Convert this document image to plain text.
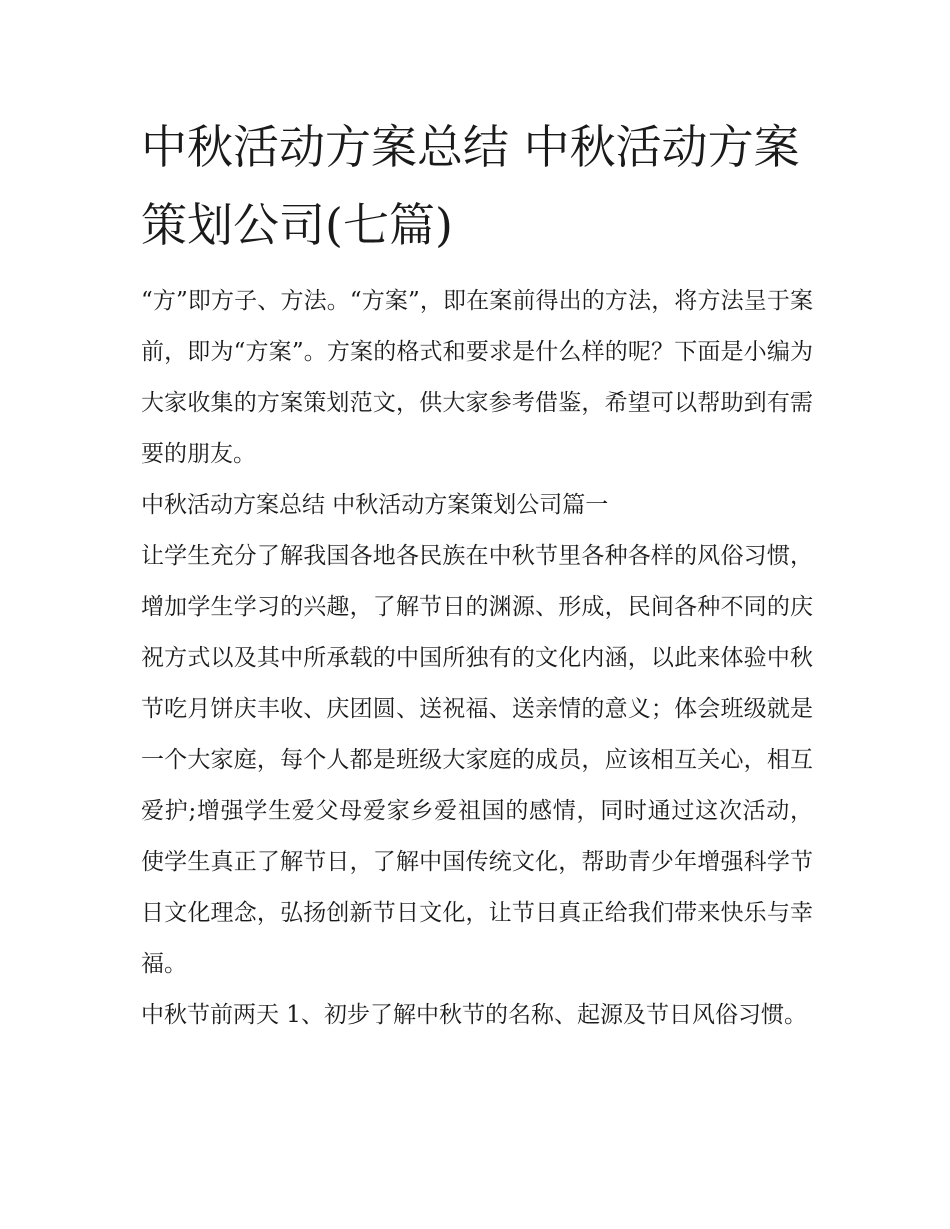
中秋活动方案总结 中秋活动方案策划公司(七篇)

“方”即方子、方法。“方案”，即在案前得出的方法，将方法呈于案前，即为“方案”。方案的格式和要求是什么样的呢？下面是小编为大家收集的方案策划范文，供大家参考借鉴，希望可以帮助到有需要的朋友。

中秋活动方案总结 中秋活动方案策划公司篇一

让学生充分了解我国各地各民族在中秋节里各种各样的风俗习惯，增加学生学习的兴趣，了解节日的渊源、形成，民间各种不同的庆祝方式以及其中所承载的中国所独有的文化内涵，以此来体验中秋节吃月饼庆丰收、庆团圆、送祝福、送亲情的意义；体会班级就是一个大家庭，每个人都是班级大家庭的成员，应该相互关心，相互爱护;增强学生爱父母爱家乡爱祖国的感情，同时通过这次活动，使学生真正了解节日，了解中国传统文化，帮助青少年增强科学节日文化理念，弘扬创新节日文化，让节日真正给我们带来快乐与幸福。

中秋节前两天 1、初步了解中秋节的名称、起源及节日风俗习惯。
